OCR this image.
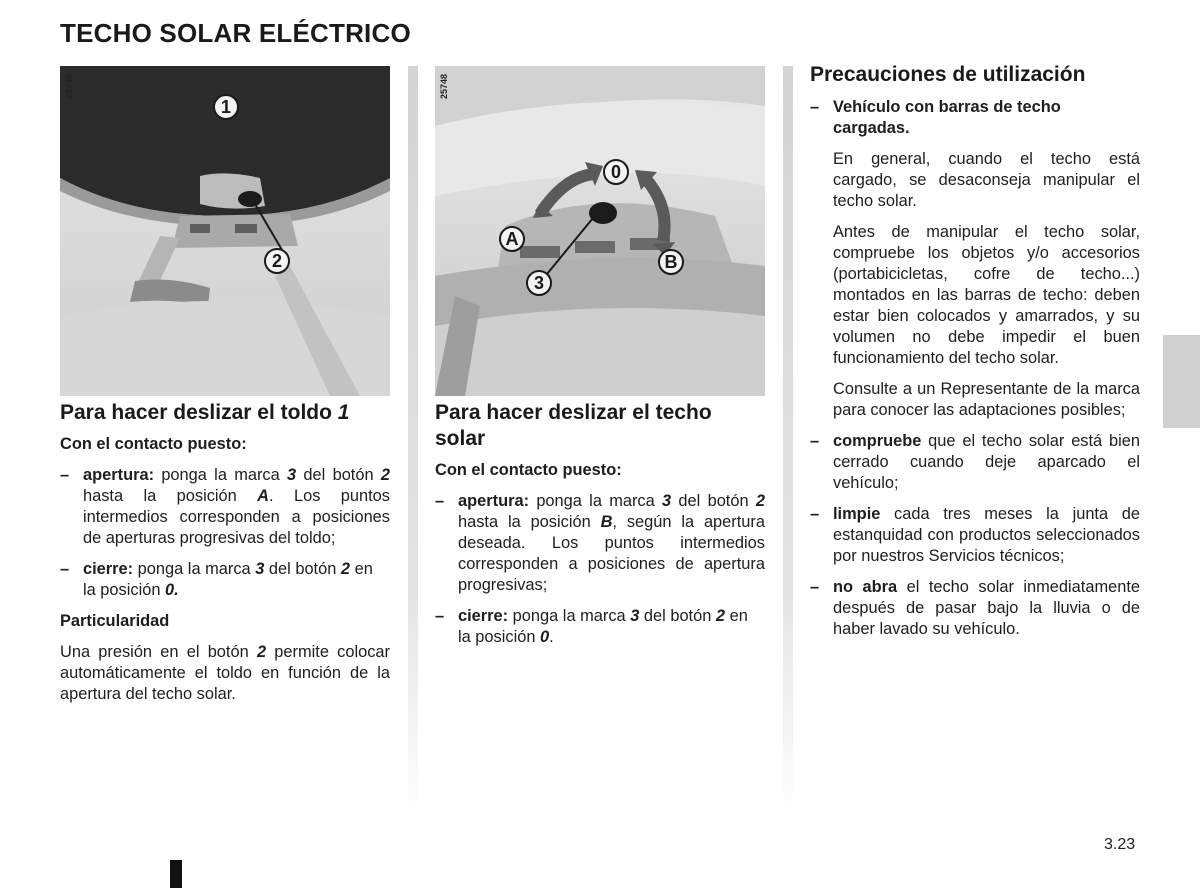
TECHO SOLAR ELÉCTRICO
25749
1
2
25748
0
A
B
3
Para hacer deslizar el toldo 1

Con el contacto puesto:

– apertura: ponga la marca 3 del botón 2 hasta la posición A. Los puntos intermedios corresponden a posiciones de aperturas progresivas del toldo;
– cierre: ponga la marca 3 del botón 2 en la posición 0.

Particularidad

Una presión en el botón 2 permite colocar automáticamente el toldo en función de la apertura del techo solar.

Para hacer deslizar el techo solar

Con el contacto puesto:

– apertura: ponga la marca 3 del botón 2 hasta la posición B, según la apertura deseada. Los puntos intermedios corresponden a posiciones de apertura progresivas;
– cierre: ponga la marca 3 del botón 2 en la posición 0.
Precauciones de utilización
– Vehículo con barras de techo cargadas.

En general, cuando el techo está cargado, se desaconseja manipular el techo solar.

Antes de manipular el techo solar, compruebe los objetos y/o accesorios (portabicicletas, cofre de techo...) montados en las barras de techo: deben estar bien colocados y amarrados, y su volumen no debe impedir el buen funcionamiento del techo solar.

Consulte a un Representante de la marca para conocer las adaptaciones posibles;

– compruebe que el techo solar está bien cerrado cuando deje aparcado el vehículo;
– limpie cada tres meses la junta de estanquidad con productos seleccionados por nuestros Servicios técnicos;
– no abra el techo solar inmediatamente después de pasar bajo la lluvia o de haber lavado su vehículo.
3.23
